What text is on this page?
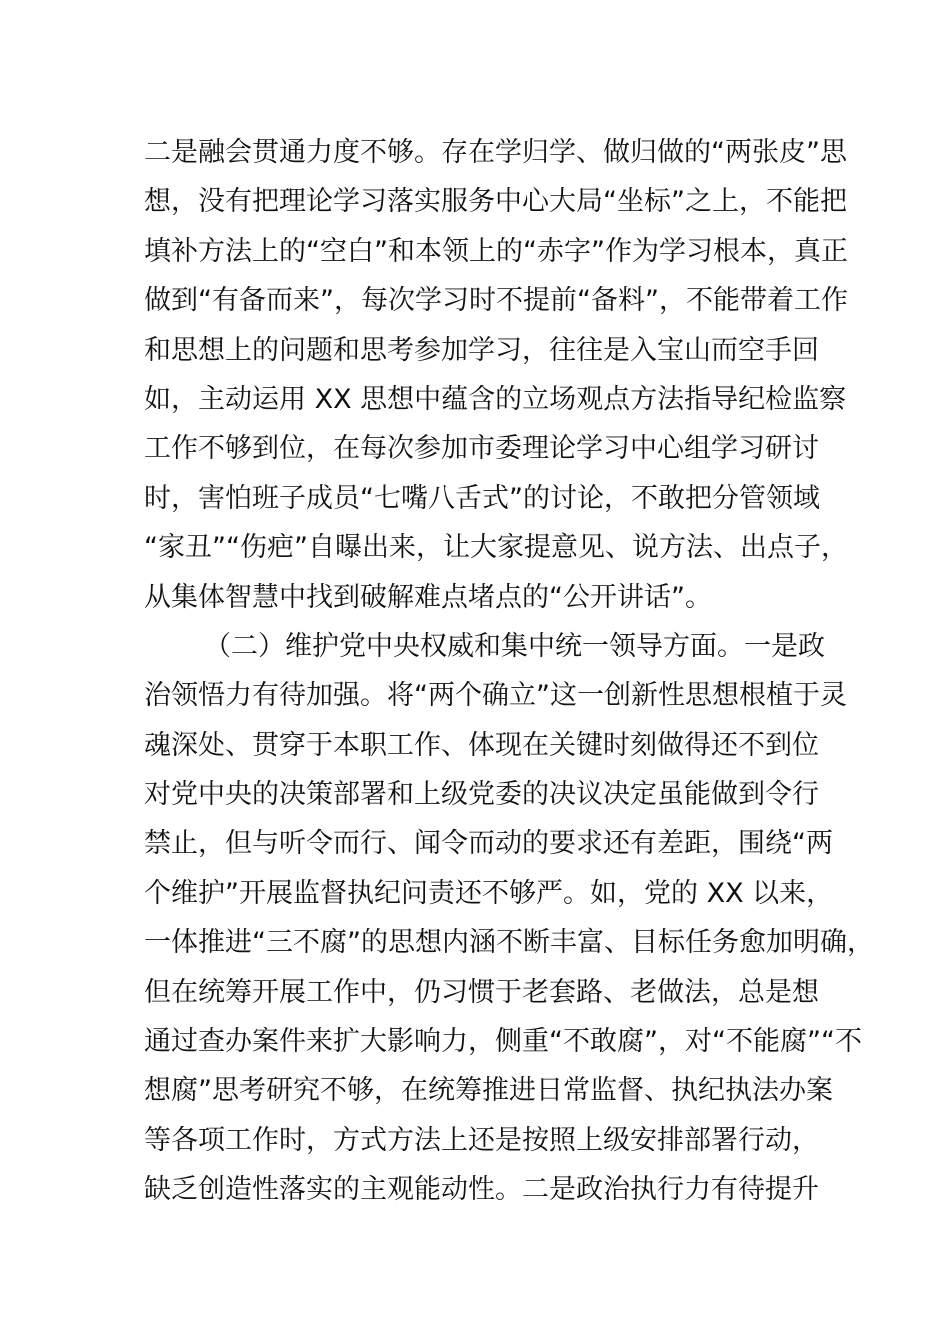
二是融会贯通力度不够。存在学归学、做归做的“两张皮”思
想，没有把理论学习落实服务中心大局“坐标”之上，不能把
填补方法上的“空白”和本领上的“赤字”作为学习根本，真正
做到“有备而来”，每次学习时不提前“备料”，不能带着工作
和思想上的问题和思考参加学习，往往是入宝山而空手回
如，主动运用 XX 思想中蕴含的立场观点方法指导纪检监察
工作不够到位，在每次参加市委理论学习中心组学习研讨
时，害怕班子成员“七嘴八舌式”的讨论，不敢把分管领域
“家丑”“伤疤”自曝出来，让大家提意见、说方法、出点子，
从集体智慧中找到破解难点堵点的“公开讲话”。
（二）维护党中央权威和集中统一领导方面。一是政
治领悟力有待加强。将“两个确立”这一创新性思想根植于灵
魂深处、贯穿于本职工作、体现在关键时刻做得还不到位
对党中央的决策部署和上级党委的决议决定虽能做到令行
禁止，但与听令而行、闻令而动的要求还有差距，围绕“两
个维护”开展监督执纪问责还不够严。如，党的 XX 以来，
一体推进“三不腐”的思想内涵不断丰富、目标任务愈加明确，
但在统筹开展工作中，仍习惯于老套路、老做法，总是想
通过查办案件来扩大影响力，侧重“不敢腐”，对“不能腐”“不
想腐”思考研究不够，在统筹推进日常监督、执纪执法办案
等各项工作时，方式方法上还是按照上级安排部署行动，
缺乏创造性落实的主观能动性。二是政治执行力有待提升
